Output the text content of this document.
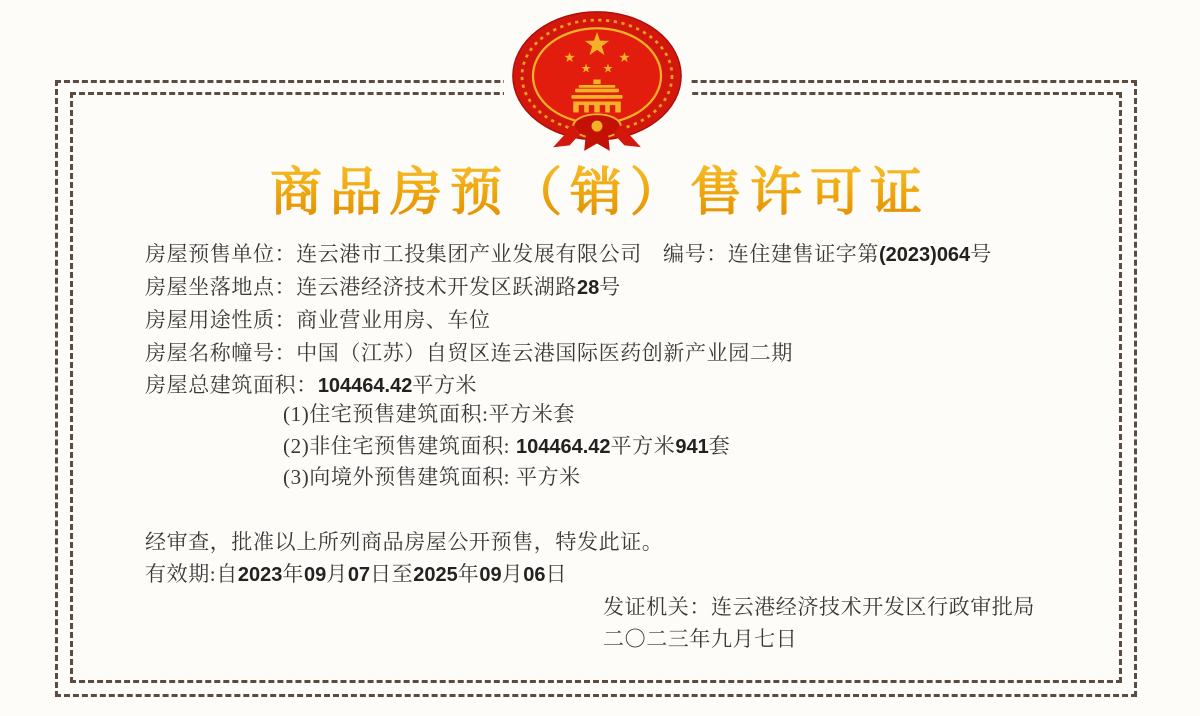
商品房预（销）售许可证
房屋预售单位：连云港市工投集团产业发展有限公司 编号：连住建售证字第(2023)064号
房屋坐落地点：连云港经济技术开发区跃湖路28号
房屋用途性质：商业营业用房、车位
房屋名称幢号：中国（江苏）自贸区连云港国际医药创新产业园二期
房屋总建筑面积：104464.42平方米
(1)住宅预售建筑面积:平方米套
(2)非住宅预售建筑面积: 104464.42平方米941套
(3)向境外预售建筑面积: 平方米
经审查，批准以上所列商品房屋公开预售，特发此证。
有效期:自2023年09月07日至2025年09月06日
发证机关：连云港经济技术开发区行政审批局
二〇二三年九月七日
